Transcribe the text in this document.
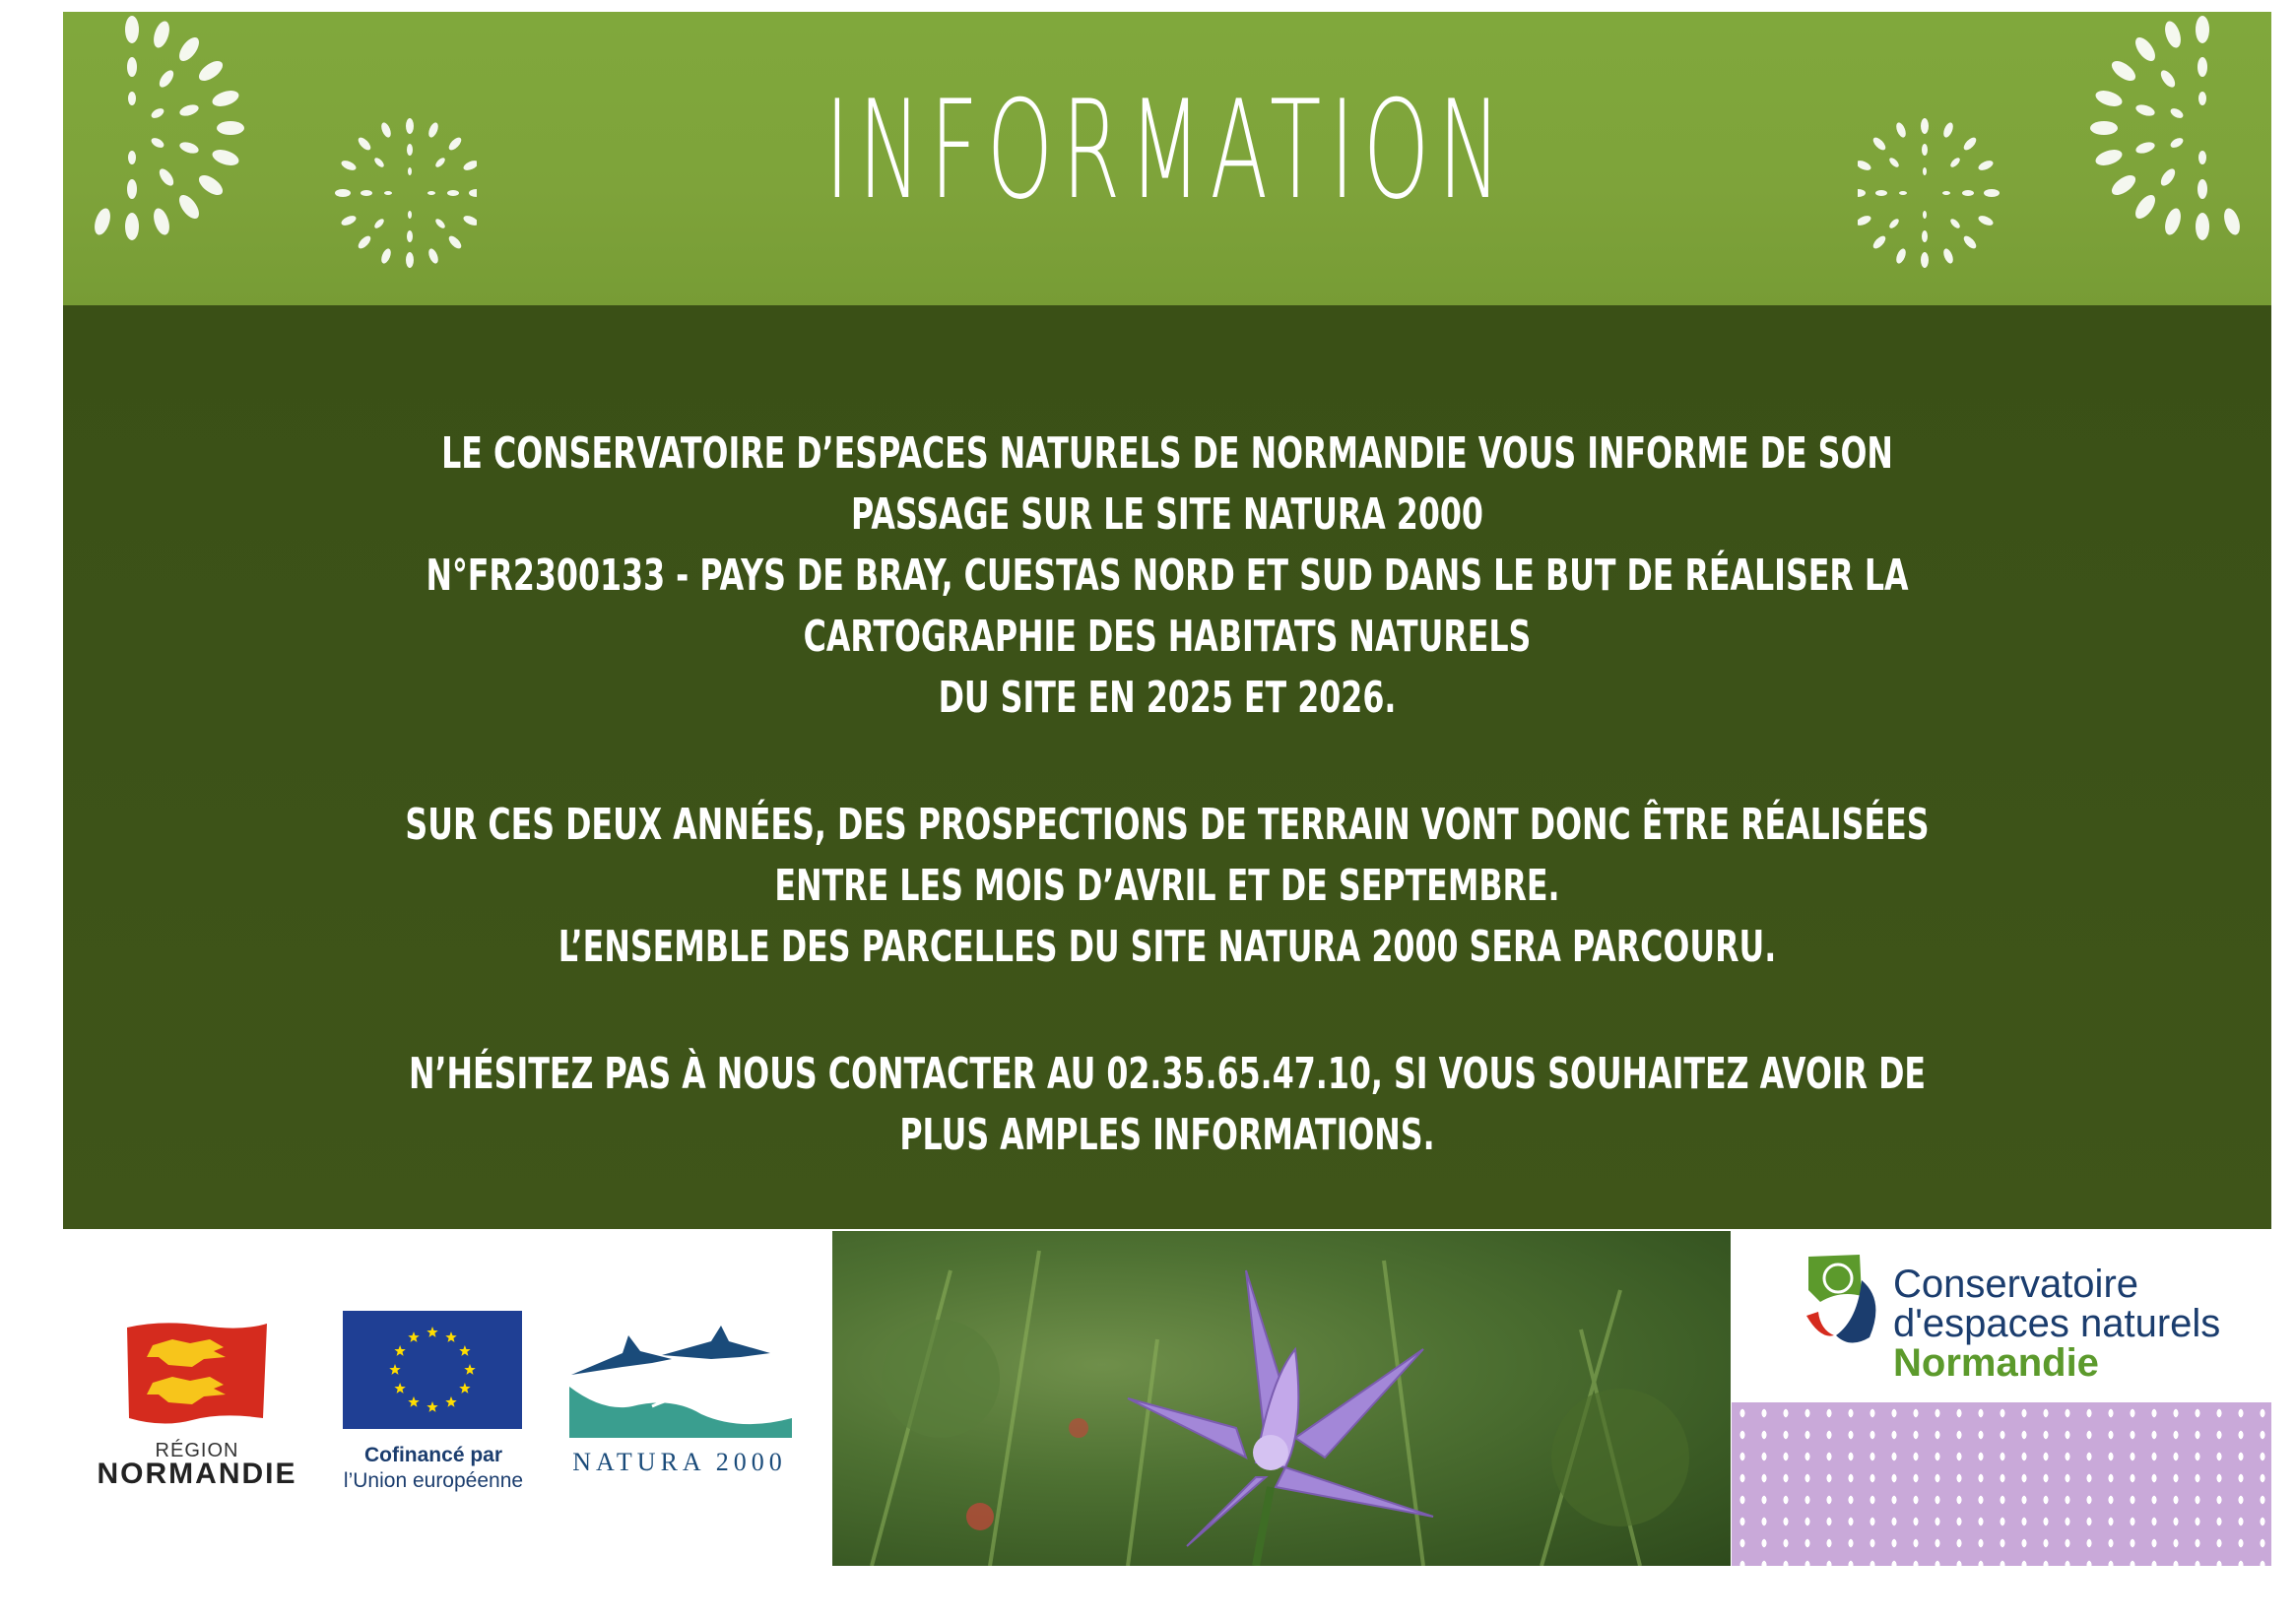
INFORMATION

LE CONSERVATOIRE D’ESPACES NATURELS DE NORMANDIE VOUS INFORME DE SON PASSAGE SUR LE SITE NATURA 2000
N°FR2300133 - PAYS DE BRAY, CUESTAS NORD ET SUD DANS LE BUT DE RÉALISER LA CARTOGRAPHIE DES HABITATS NATURELS
DU SITE EN 2025 ET 2026.

SUR CES DEUX ANNÉES, DES PROSPECTIONS DE TERRAIN VONT DONC ÊTRE RÉALISÉES ENTRE LES MOIS D’AVRIL ET DE SEPTEMBRE.
L’ENSEMBLE DES PARCELLES DU SITE NATURA 2000 SERA PARCOURU.

N’HÉSITEZ PAS À NOUS CONTACTER AU 02.35.65.47.10, SI VOUS SOUHAITEZ AVOIR DE PLUS AMPLES INFORMATIONS.

RÉGION
NORMANDIE
Cofinancé par
l’Union européenne
NATURA 2000
Conservatoire
d'espaces naturels
Normandie
